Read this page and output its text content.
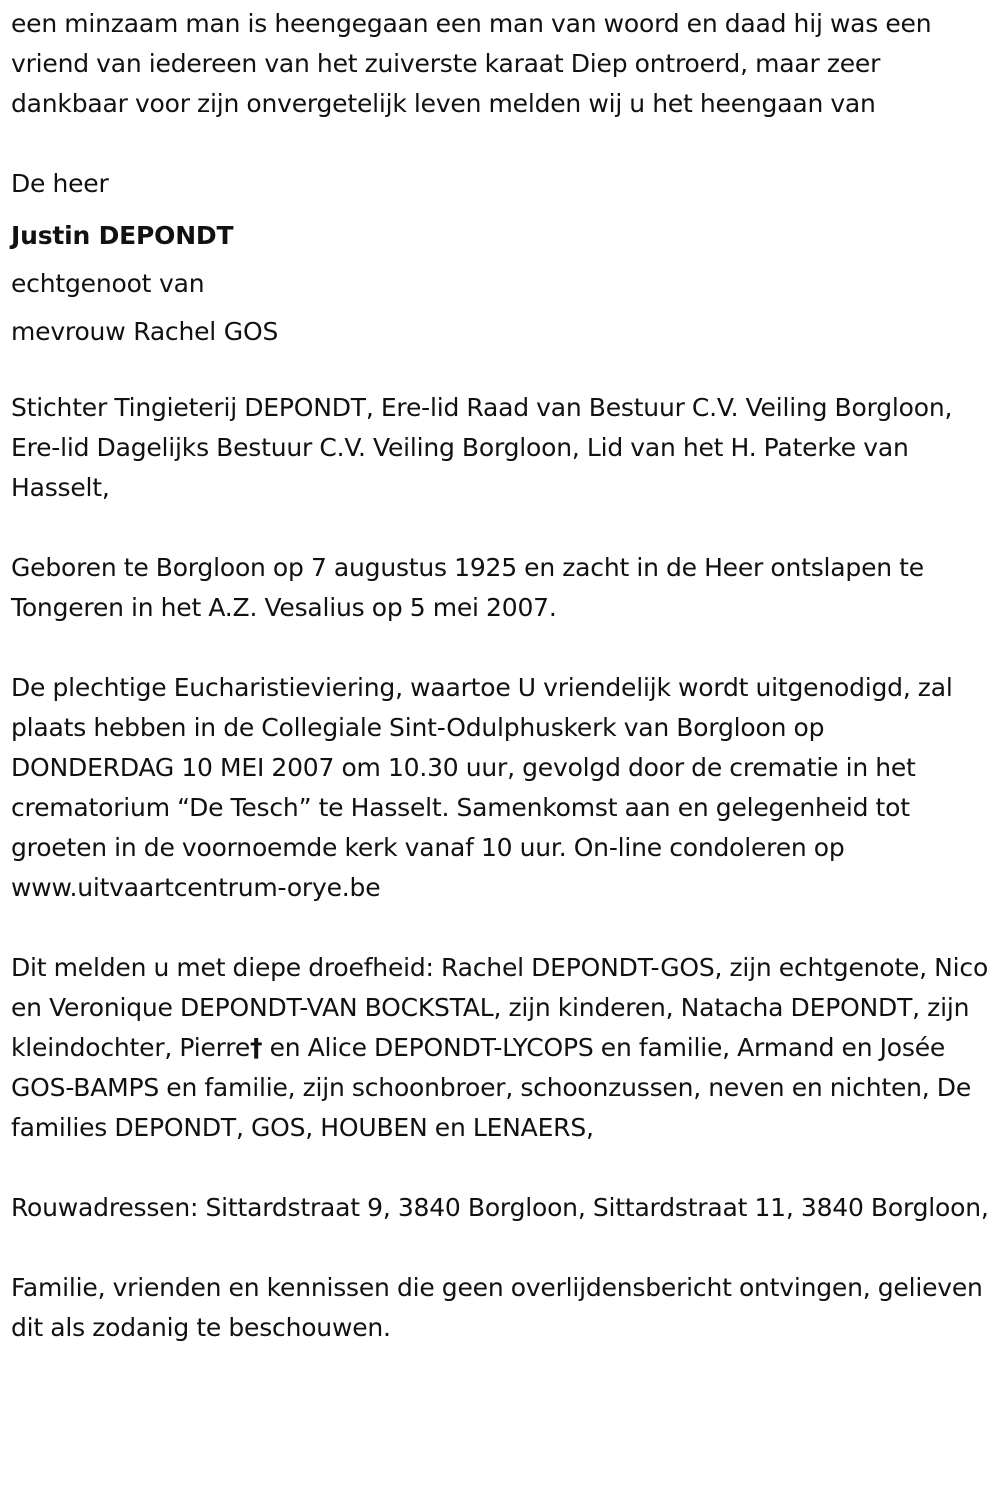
een minzaam man is heengegaan een man van woord en daad hij was een vriend van iedereen van het zuiverste karaat Diep ontroerd, maar zeer dankbaar voor zijn onvergetelijk leven melden wij u het heengaan van

De heer

Justin DEPONDT
echtgenoot van
mevrouw Rachel GOS

Stichter Tingieterij DEPONDT, Ere-lid Raad van Bestuur C.V. Veiling Borgloon, Ere-lid Dagelijks Bestuur C.V. Veiling Borgloon, Lid van het H. Paterke van Hasselt,

Geboren te Borgloon op 7 augustus 1925 en zacht in de Heer ontslapen te Tongeren in het A.Z. Vesalius op 5 mei 2007.

De plechtige Eucharistieviering, waartoe U vriendelijk wordt uitgenodigd, zal plaats hebben in de Collegiale Sint-Odulphuskerk van Borgloon op DONDERDAG 10 MEI 2007 om 10.30 uur, gevolgd door de crematie in het crematorium “De Tesch” te Hasselt. Samenkomst aan en gelegenheid tot groeten in de voornoemde kerk vanaf 10 uur. On-line condoleren op www.uitvaartcentrum-orye.be

Dit melden u met diepe droefheid: Rachel DEPONDT-GOS, zijn echtgenote, Nico en Veronique DEPONDT-VAN BOCKSTAL, zijn kinderen, Natacha DEPONDT, zijn kleindochter, Pierre† en Alice DEPONDT-LYCOPS en familie, Armand en Josée GOS-BAMPS en familie, zijn schoonbroer, schoonzussen, neven en nichten, De families DEPONDT, GOS, HOUBEN en LENAERS,

Rouwadressen: Sittardstraat 9, 3840 Borgloon, Sittardstraat 11, 3840 Borgloon,

Familie, vrienden en kennissen die geen overlijdensbericht ontvingen, gelieven dit als zodanig te beschouwen.
